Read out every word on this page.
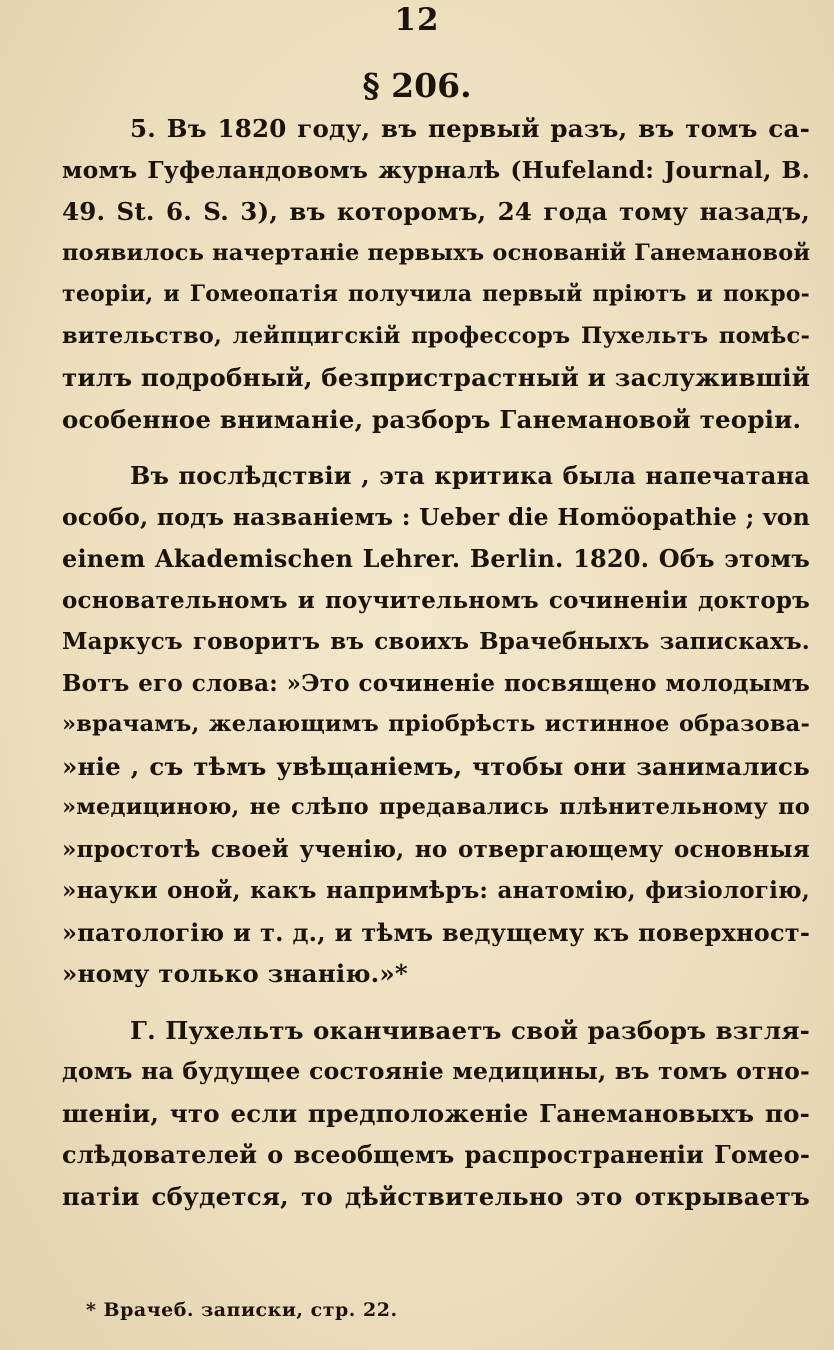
12
§ 206.
5. Въ 1820 году, въ первый разъ, въ томъ са-
момъ Гуфеландовомъ журналѣ (Hufeland: Journal, В.
49. St. 6. S. 3), въ которомъ, 24 года тому назадъ,
появилось начертаніе первыхъ основаній Ганемановой
теоріи, и Гомеопатія получила первый пріютъ и покро-
вительство, лейпцигскій профессоръ Пухельтъ помѣс-
тилъ подробный, безпристрастный и заслужившій
особенное вниманіе, разборъ Ганемановой теоріи.
Въ послѣдствіи , эта критика была напечатана
особо, подъ названіемъ : Ueber die Homöopathie ; von
einem Akademischen Lehrer. Berlin. 1820. Объ этомъ
основательномъ и поучительномъ сочиненіи докторъ
Маркусъ говоритъ въ своихъ Врачебныхъ запискахъ.
Вотъ его слова: »Это сочиненіе посвящено молодымъ
»врачамъ, желающимъ пріобрѣсть истинное образова-
»ніе , съ тѣмъ увѣщаніемъ, чтобы они занимались
»медициною, не слѣпо предавались плѣнительному по
»простотѣ своей ученію, но отвергающему основныя
»науки оной, какъ напримѣръ: анатомію, физіологію,
»патологію и т. д., и тѣмъ ведущему къ поверхност-
»ному только знанію.»*
Г. Пухельтъ оканчиваетъ свой разборъ взгля-
домъ на будущее состояніе медицины, въ томъ отно-
шеніи, что если предположеніе Ганемановыхъ по-
слѣдователей о всеобщемъ распространеніи Гомео-
патіи сбудется, то дѣйствительно это открываетъ
* Врачеб. записки, стр. 22.
